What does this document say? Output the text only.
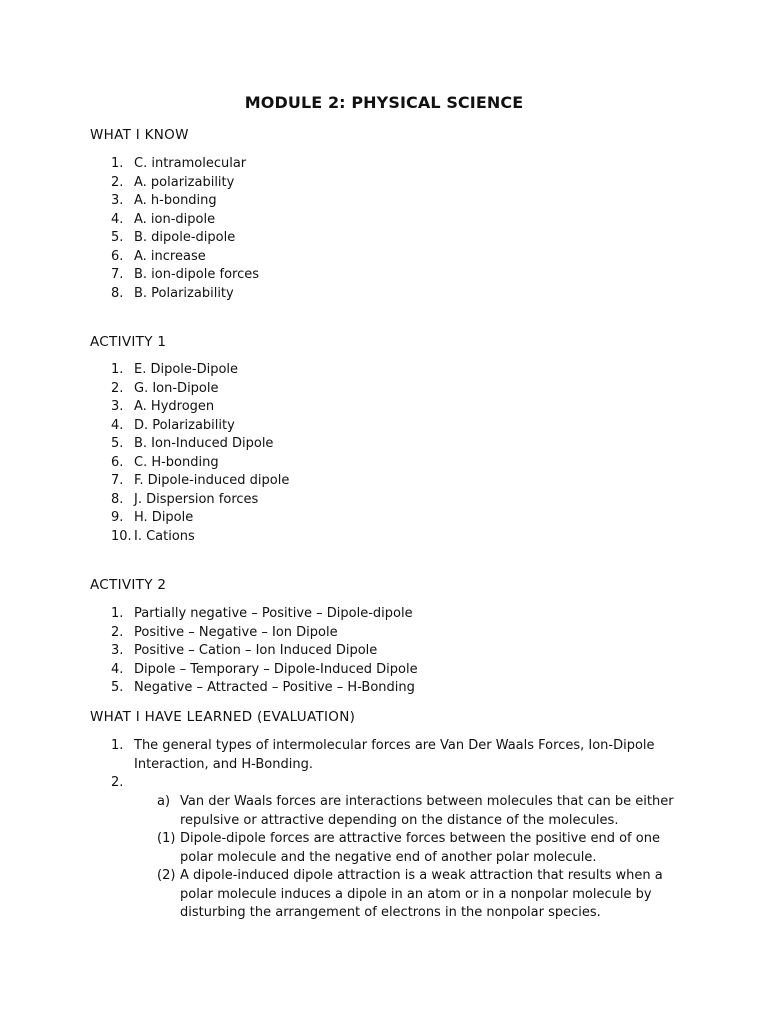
MODULE 2: PHYSICAL SCIENCE
WHAT I KNOW
1. C. intramolecular
2. A. polarizability
3. A. h-bonding
4. A. ion-dipole
5. B. dipole-dipole
6. A. increase
7. B. ion-dipole forces
8. B. Polarizability
ACTIVITY 1
1. E. Dipole-Dipole
2. G. Ion-Dipole
3. A. Hydrogen
4. D. Polarizability
5. B. Ion-Induced Dipole
6. C. H-bonding
7. F. Dipole-induced dipole
8. J. Dispersion forces
9. H. Dipole
10. I. Cations
ACTIVITY 2
1. Partially negative – Positive – Dipole-dipole
2. Positive – Negative – Ion Dipole
3. Positive – Cation – Ion Induced Dipole
4. Dipole – Temporary – Dipole-Induced Dipole
5. Negative – Attracted – Positive – H-Bonding
WHAT I HAVE LEARNED (EVALUATION)
1. The general types of intermolecular forces are Van Der Waals Forces, Ion-Dipole Interaction, and H-Bonding.
2.
a) Van der Waals forces are interactions between molecules that can be either repulsive or attractive depending on the distance of the molecules.
(1) Dipole-dipole forces are attractive forces between the positive end of one polar molecule and the negative end of another polar molecule.
(2) A dipole-induced dipole attraction is a weak attraction that results when a polar molecule induces a dipole in an atom or in a nonpolar molecule by disturbing the arrangement of electrons in the nonpolar species.
